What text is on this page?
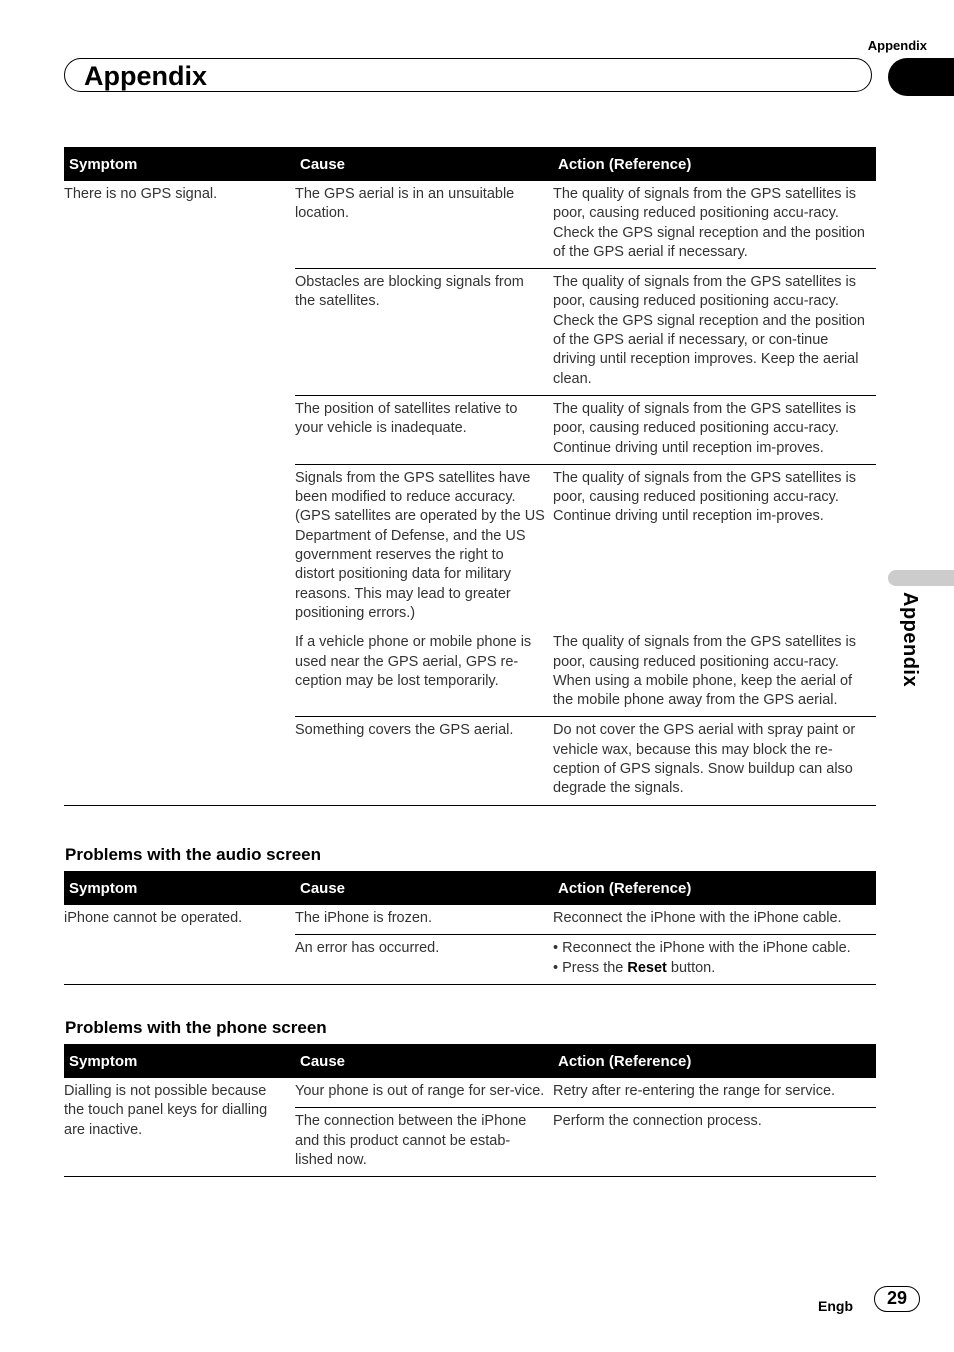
Appendix
Appendix
Appendix
Symptom	Cause	Action (Reference)
There is no GPS signal.	The GPS aerial is in an unsuitable location.	The quality of signals from the GPS satellites is poor, causing reduced positioning accu-racy. Check the GPS signal reception and the position of the GPS aerial if necessary.
	Obstacles are blocking signals from the satellites.	The quality of signals from the GPS satellites is poor, causing reduced positioning accu-racy. Check the GPS signal reception and the position of the GPS aerial if necessary, or con-tinue driving until reception improves. Keep the aerial clean.
	The position of satellites relative to your vehicle is inadequate.	The quality of signals from the GPS satellites is poor, causing reduced positioning accu-racy. Continue driving until reception im-proves.
	Signals from the GPS satellites have been modified to reduce accuracy. (GPS satellites are operated by the US Department of Defense, and the US government reserves the right to distort positioning data for military reasons. This may lead to greater positioning errors.)	The quality of signals from the GPS satellites is poor, causing reduced positioning accu-racy. Continue driving until reception im-proves.
	If a vehicle phone or mobile phone is used near the GPS aerial, GPS re-ception may be lost temporarily.	The quality of signals from the GPS satellites is poor, causing reduced positioning accu-racy. When using a mobile phone, keep the aerial of the mobile phone away from the GPS aerial.
	Something covers the GPS aerial.	Do not cover the GPS aerial with spray paint or vehicle wax, because this may block the re-ception of GPS signals. Snow buildup can also degrade the signals.
Problems with the audio screen
Symptom	Cause	Action (Reference)
iPhone cannot be operated.	The iPhone is frozen.	Reconnect the iPhone with the iPhone cable.
	An error has occurred.	• Reconnect the iPhone with the iPhone cable.
• Press the Reset button.
Problems with the phone screen
Symptom	Cause	Action (Reference)
Dialling is not possible because the touch panel keys for dialling are inactive.	Your phone is out of range for ser-vice.	Retry after re-entering the range for service.
	The connection between the iPhone and this product cannot be estab-lished now.	Perform the connection process.
Engb	29
